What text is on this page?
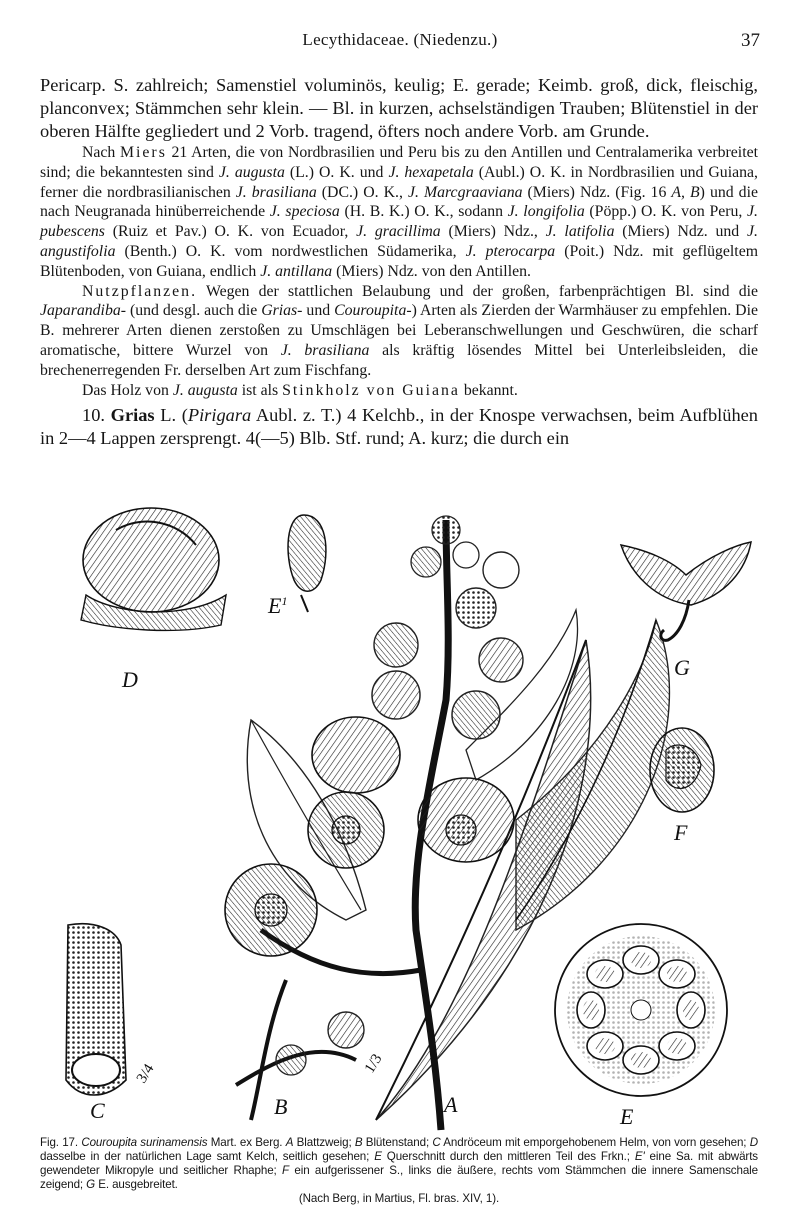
Lecythidaceae. (Niedenzu.)	37

Pericarp. S. zahlreich; Samenstiel voluminös, keulig; E. gerade; Keimb. groß, dick, fleischig, planconvex; Stämmchen sehr klein. — Bl. in kurzen, achselständigen Trauben; Blütenstiel in der oberen Hälfte gegliedert und 2 Vorb. tragend, öfters noch andere Vorb. am Grunde.

Nach Miers 21 Arten, die von Nordbrasilien und Peru bis zu den Antillen und Centralamerika verbreitet sind; die bekanntesten sind J. augusta (L.) O. K. und J. hexapetala (Aubl.) O. K. in Nordbrasilien und Guiana, ferner die nordbrasilianischen J. brasiliana (DC.) O. K., J. Marcgraaviana (Miers) Ndz. (Fig. 16 A, B) und die nach Neugranada hinüberreichende J. speciosa (H. B. K.) O. K., sodann J. longifolia (Pöpp.) O. K. von Peru, J. pubescens (Ruiz et Pav.) O. K. von Ecuador, J. gracillima (Miers) Ndz., J. latifolia (Miers) Ndz. und J. angustifolia (Benth.) O. K. vom nordwestlichen Südamerika, J. pterocarpa (Poit.) Ndz. mit geflügeltem Blütenboden, von Guiana, endlich J. antillana (Miers) Ndz. von den Antillen.

Nutzpflanzen. Wegen der stattlichen Belaubung und der großen, farbenprächtigen Bl. sind die Japarandiba- (und desgl. auch die Grias- und Couroupita-) Arten als Zierden der Warmhäuser zu empfehlen. Die B. mehrerer Arten dienen zerstoßen zu Umschlägen bei Leberanschwellungen und Geschwüren, die scharf aromatische, bittere Wurzel von J. brasiliana als kräftig lösendes Mittel bei Unterleibsleiden, die brechenerregenden Fr. derselben Art zum Fischfang.

Das Holz von J. augusta ist als Stinkholz von Guiana bekannt.

10. Grias L. (Pirigara Aubl. z. T.) 4 Kelchb., in der Knospe verwachsen, beim Aufblühen in 2—4 Lappen zersprengt. 4(—5) Blb. Stf. rund; A. kurz; die durch ein

D
$E^1$
G
F
C	B	A	E
1/3
3/4

Fig. 17. Couroupita surinamensis Mart. ex Berg. A Blattzweig; B Blütenstand; C Andröceum mit emporgehobenem Helm, von vorn gesehen; D dasselbe in der natürlichen Lage samt Kelch, seitlich gesehen; E Querschnitt durch den mittleren Teil des Frkn.; E' eine Sa. mit abwärts gewendeter Mikropyle und seitlicher Rhaphe; F ein aufgerissener S., links die äußere, rechts vom Stämmchen die innere Samenschale zeigend; G E. ausgebreitet.

(Nach Berg, in Martius, Fl. bras. XIV, 1).
